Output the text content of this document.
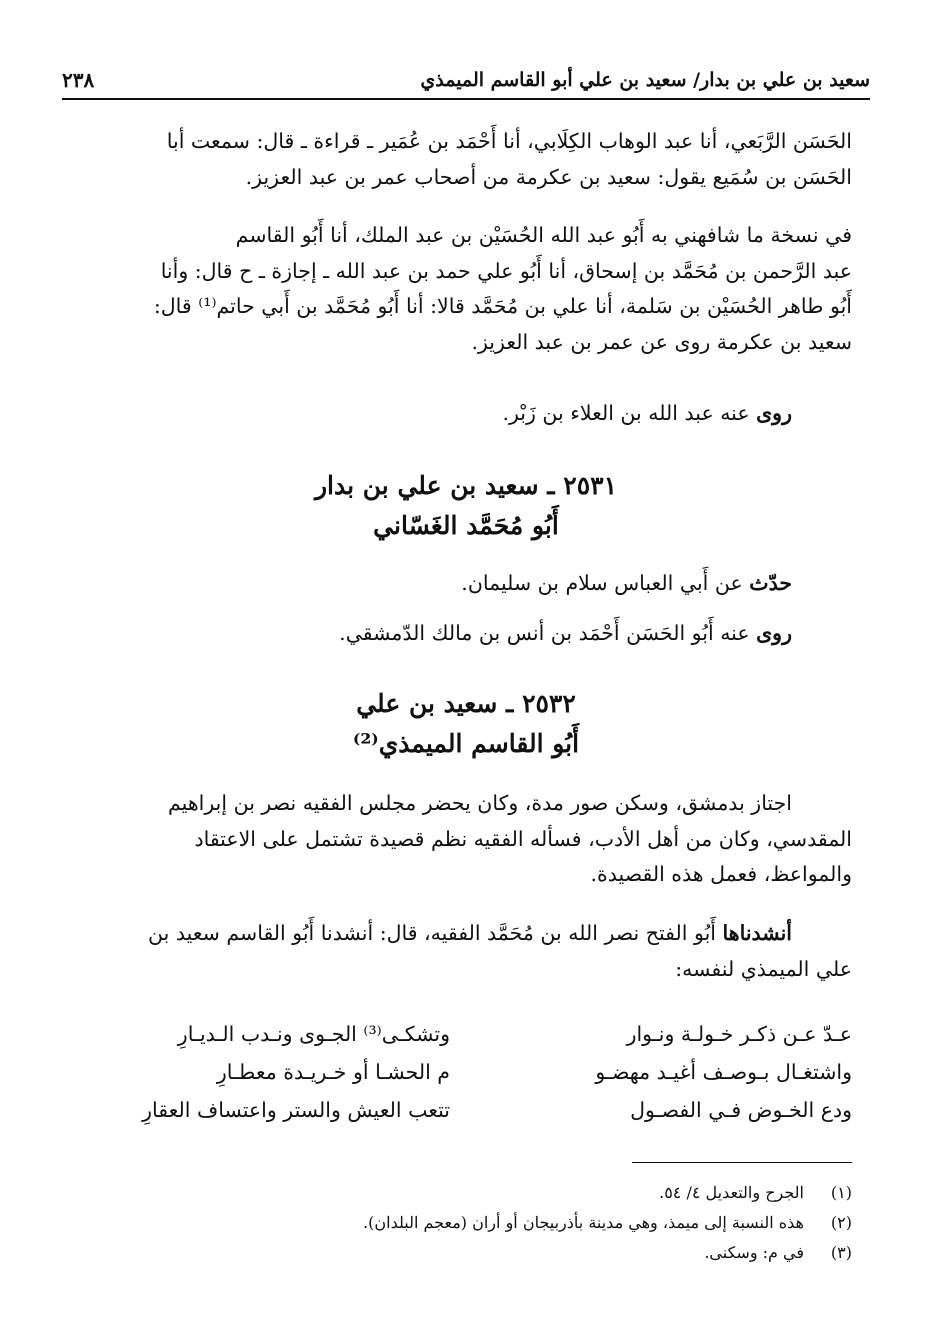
سعيد بن علي بن بدار/ سعيد بن علي أبو القاسم الميمذي
٢٣٨

الحَسَن الرَّبَعي، أنا عبد الوهاب الكِلَابي، أنا أَحْمَد بن عُمَير ـ قراءة ـ قال: سمعت أبا
الحَسَن بن سُمَيع يقول: سعيد بن عكرمة من أصحاب عمر بن عبد العزيز.

في نسخة ما شافهني به أَبُو عبد الله الحُسَيْن بن عبد الملك، أنا أَبُو القاسم
عبد الرَّحمن بن مُحَمَّد بن إسحاق، أنا أَبُو علي حمد بن عبد الله ـ إجازة ـ ح قال: وأنا
أَبُو طاهر الحُسَيْن بن سَلمة، أنا علي بن مُحَمَّد قالا: أنا أَبُو مُحَمَّد بن أَبي حاتم⁽¹⁾ قال:
سعيد بن عكرمة روى عن عمر بن عبد العزيز.

روى عنه عبد الله بن العلاء بن زَبْر.

٢٥٣١ ـ سعيد بن علي بن بدار
أَبُو مُحَمَّد الغَسّاني

حدّث عن أَبي العباس سلام بن سليمان.

روى عنه أَبُو الحَسَن أَحْمَد بن أنس بن مالك الدّمشقي.

٢٥٣٢ ـ سعيد بن علي
أَبُو القاسم الميمذي⁽²⁾

اجتاز بدمشق، وسكن صور مدة، وكان يحضر مجلس الفقيه نصر بن إبراهيم
المقدسي، وكان من أهل الأدب، فسأله الفقيه نظم قصيدة تشتمل على الاعتقاد
والمواعظ، فعمل هذه القصيدة.

أنشدناها أَبُو الفتح نصر الله بن مُحَمَّد الفقيه، قال: أنشدنا أَبُو القاسم سعيد بن
علي الميمذي لنفسه:

عـدّ عـن ذكـر خـولـة ونـوار
وتشكـى⁽³⁾ الجـوى ونـدب الـديـارِ
واشتغـال بـوصـف أغيـد مهضـو
م الحشـا أو خـريـدة معطـارِ
ودع الخـوض فـي الفصـول
تتعب العيش والستر واعتساف العقارِ
(١)
الجرح والتعديل ٤/ ٥٤.
(٢)
هذه النسبة إلى ميمذ، وهي مدينة بأذربيجان أو أران (معجم البلدان).
(٣)
في م: وسكنى.
